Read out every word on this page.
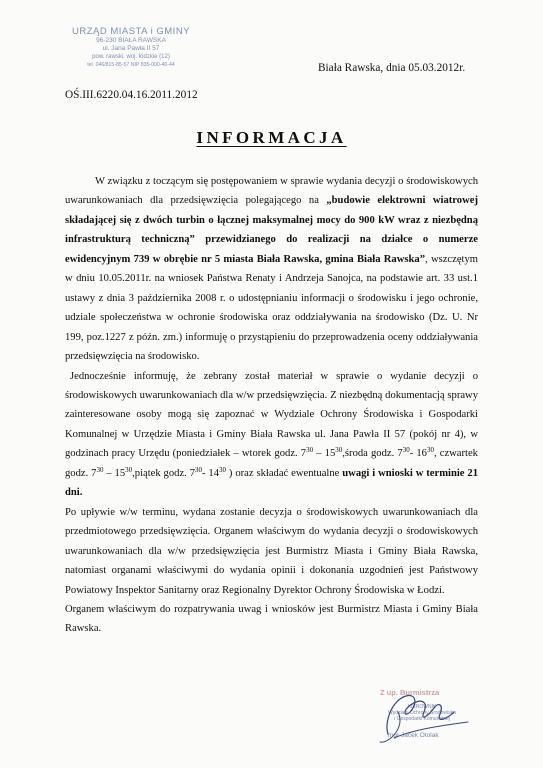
URZĄD MIASTA i GMINY
96-230 BIAŁA RAWSKA
ul. Jana Pawła II 57
pow. rawski, woj. łódzkie (12)
tel. 046/815-85-57 NIP 835-000-40-44	Biała Rawska, dnia 05.03.2012r.
OŚ.III.6220.04.16.2011.2012
INFORMACJA

W związku z toczącym się postępowaniem w sprawie wydania decyzji o środowiskowych uwarunkowaniach dla przedsięwzięcia polegającego na „budowie elektrowni wiatrowej składającej się z dwóch turbin o łącznej maksymalnej mocy do 900 kW wraz z niezbędną infrastrukturą techniczną” przewidzianego do realizacji na działce o numerze ewidencyjnym 739 w obrębie nr 5 miasta Biała Rawska, gmina Biała Rawska”, wszczętym w dniu 10.05.2011r. na wniosek Państwa Renaty i Andrzeja Sanojca, na podstawie art. 33 ust.1 ustawy z dnia 3 października 2008 r. o udostępnianiu informacji o środowisku i jego ochronie, udziale społeczeństwa w ochronie środowiska oraz oddziaływania na środowisko (Dz. U. Nr 199, poz.1227 z późn. zm.) informuję o przystąpieniu do przeprowadzenia oceny oddziaływania przedsięwzięcia na środowisko.

Jednocześnie informuję, że zebrany został materiał w sprawie o wydanie decyzji o środowiskowych uwarunkowaniach dla w/w przedsięwzięcia. Z niezbędną dokumentacją sprawy zainteresowane osoby mogą się zapoznać w Wydziale Ochrony Środowiska i Gospodarki Komunalnej w Urzędzie Miasta i Gminy Biała Rawska ul. Jana Pawła II 57 (pokój nr 4), w godzinach pracy Urzędu (poniedziałek – wtorek godz. $7^{30}$ – $15^{30},środa$ godz. $7^{30}-$ $16^{30}$, czwartek godz. $7^{30}$ – $15^{30},piątek$ godz. $7^{30}-$ $14^{30}$ ) oraz składać ewentualne uwagi i wnioski w terminie 21 dni.

Po upływie w/w terminu, wydana zostanie decyzja o środowiskowych uwarunkowaniach dla przedmiotowego przedsięwzięcia. Organem właściwym do wydania decyzji o środowiskowych uwarunkowaniach dla w/w przedsięwzięcia jest Burmistrz Miasta i Gminy Biała Rawska, natomiast organami właściwymi do wydania opinii i dokonania uzgodnień jest Państwowy Powiatowy Inspektor Sanitarny oraz Regionalny Dyrektor Ochrony Środowiska w Łodzi.

Organem właściwym do rozpatrywania uwag i wniosków jest Burmistrz Miasta i Gminy Biała Rawska.

Z up. Burmistrza
KIEROWNIK
Wydziału Ochrony Środowiska
i Gospodarki Komunalnej
mgr Jacek Otolak
